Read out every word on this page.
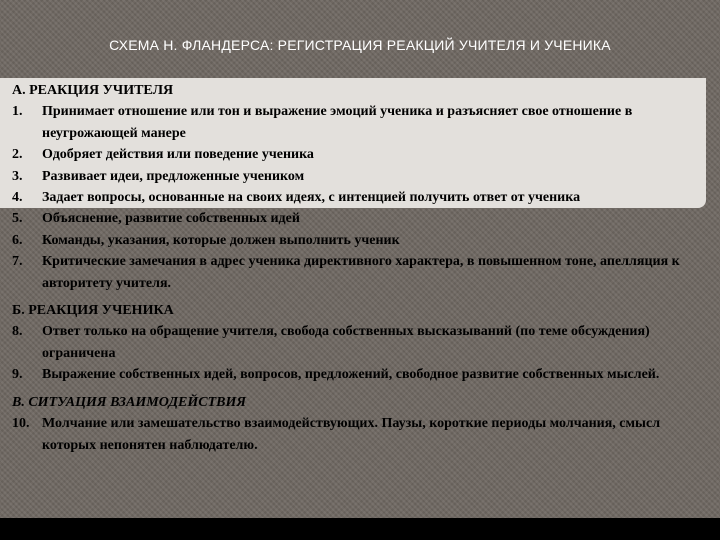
СХЕМА Н. ФЛАНДЕРСА: РЕГИСТРАЦИЯ РЕАКЦИЙ УЧИТЕЛЯ И УЧЕНИКА
А. РЕАКЦИЯ УЧИТЕЛЯ
1.	Принимает отношение или тон и выражение эмоций ученика и разъясняет свое отношение в неугрожающей манере
2.	Одобряет действия или поведение ученика
3.	Развивает идеи, предложенные учеником
4.	Задает вопросы, основанные на своих идеях, с интенцией получить ответ от ученика
5.	Объяснение, развитие собственных идей
6.	Команды, указания, которые должен выполнить ученик
7.	Критические замечания в адрес ученика директивного характера, в повышенном тоне, апелляция к авторитету учителя.
Б. РЕАКЦИЯ УЧЕНИКА
8.	Ответ только на обращение учителя, свобода собственных высказываний (по теме обсуждения) ограничена
9.	Выражение собственных идей, вопросов, предложений, свободное развитие собственных мыслей.
В. СИТУАЦИЯ ВЗАИМОДЕЙСТВИЯ
10. Молчание или замешательство взаимодействующих. Паузы, короткие периоды молчания, смысл которых непонятен наблюдателю.
